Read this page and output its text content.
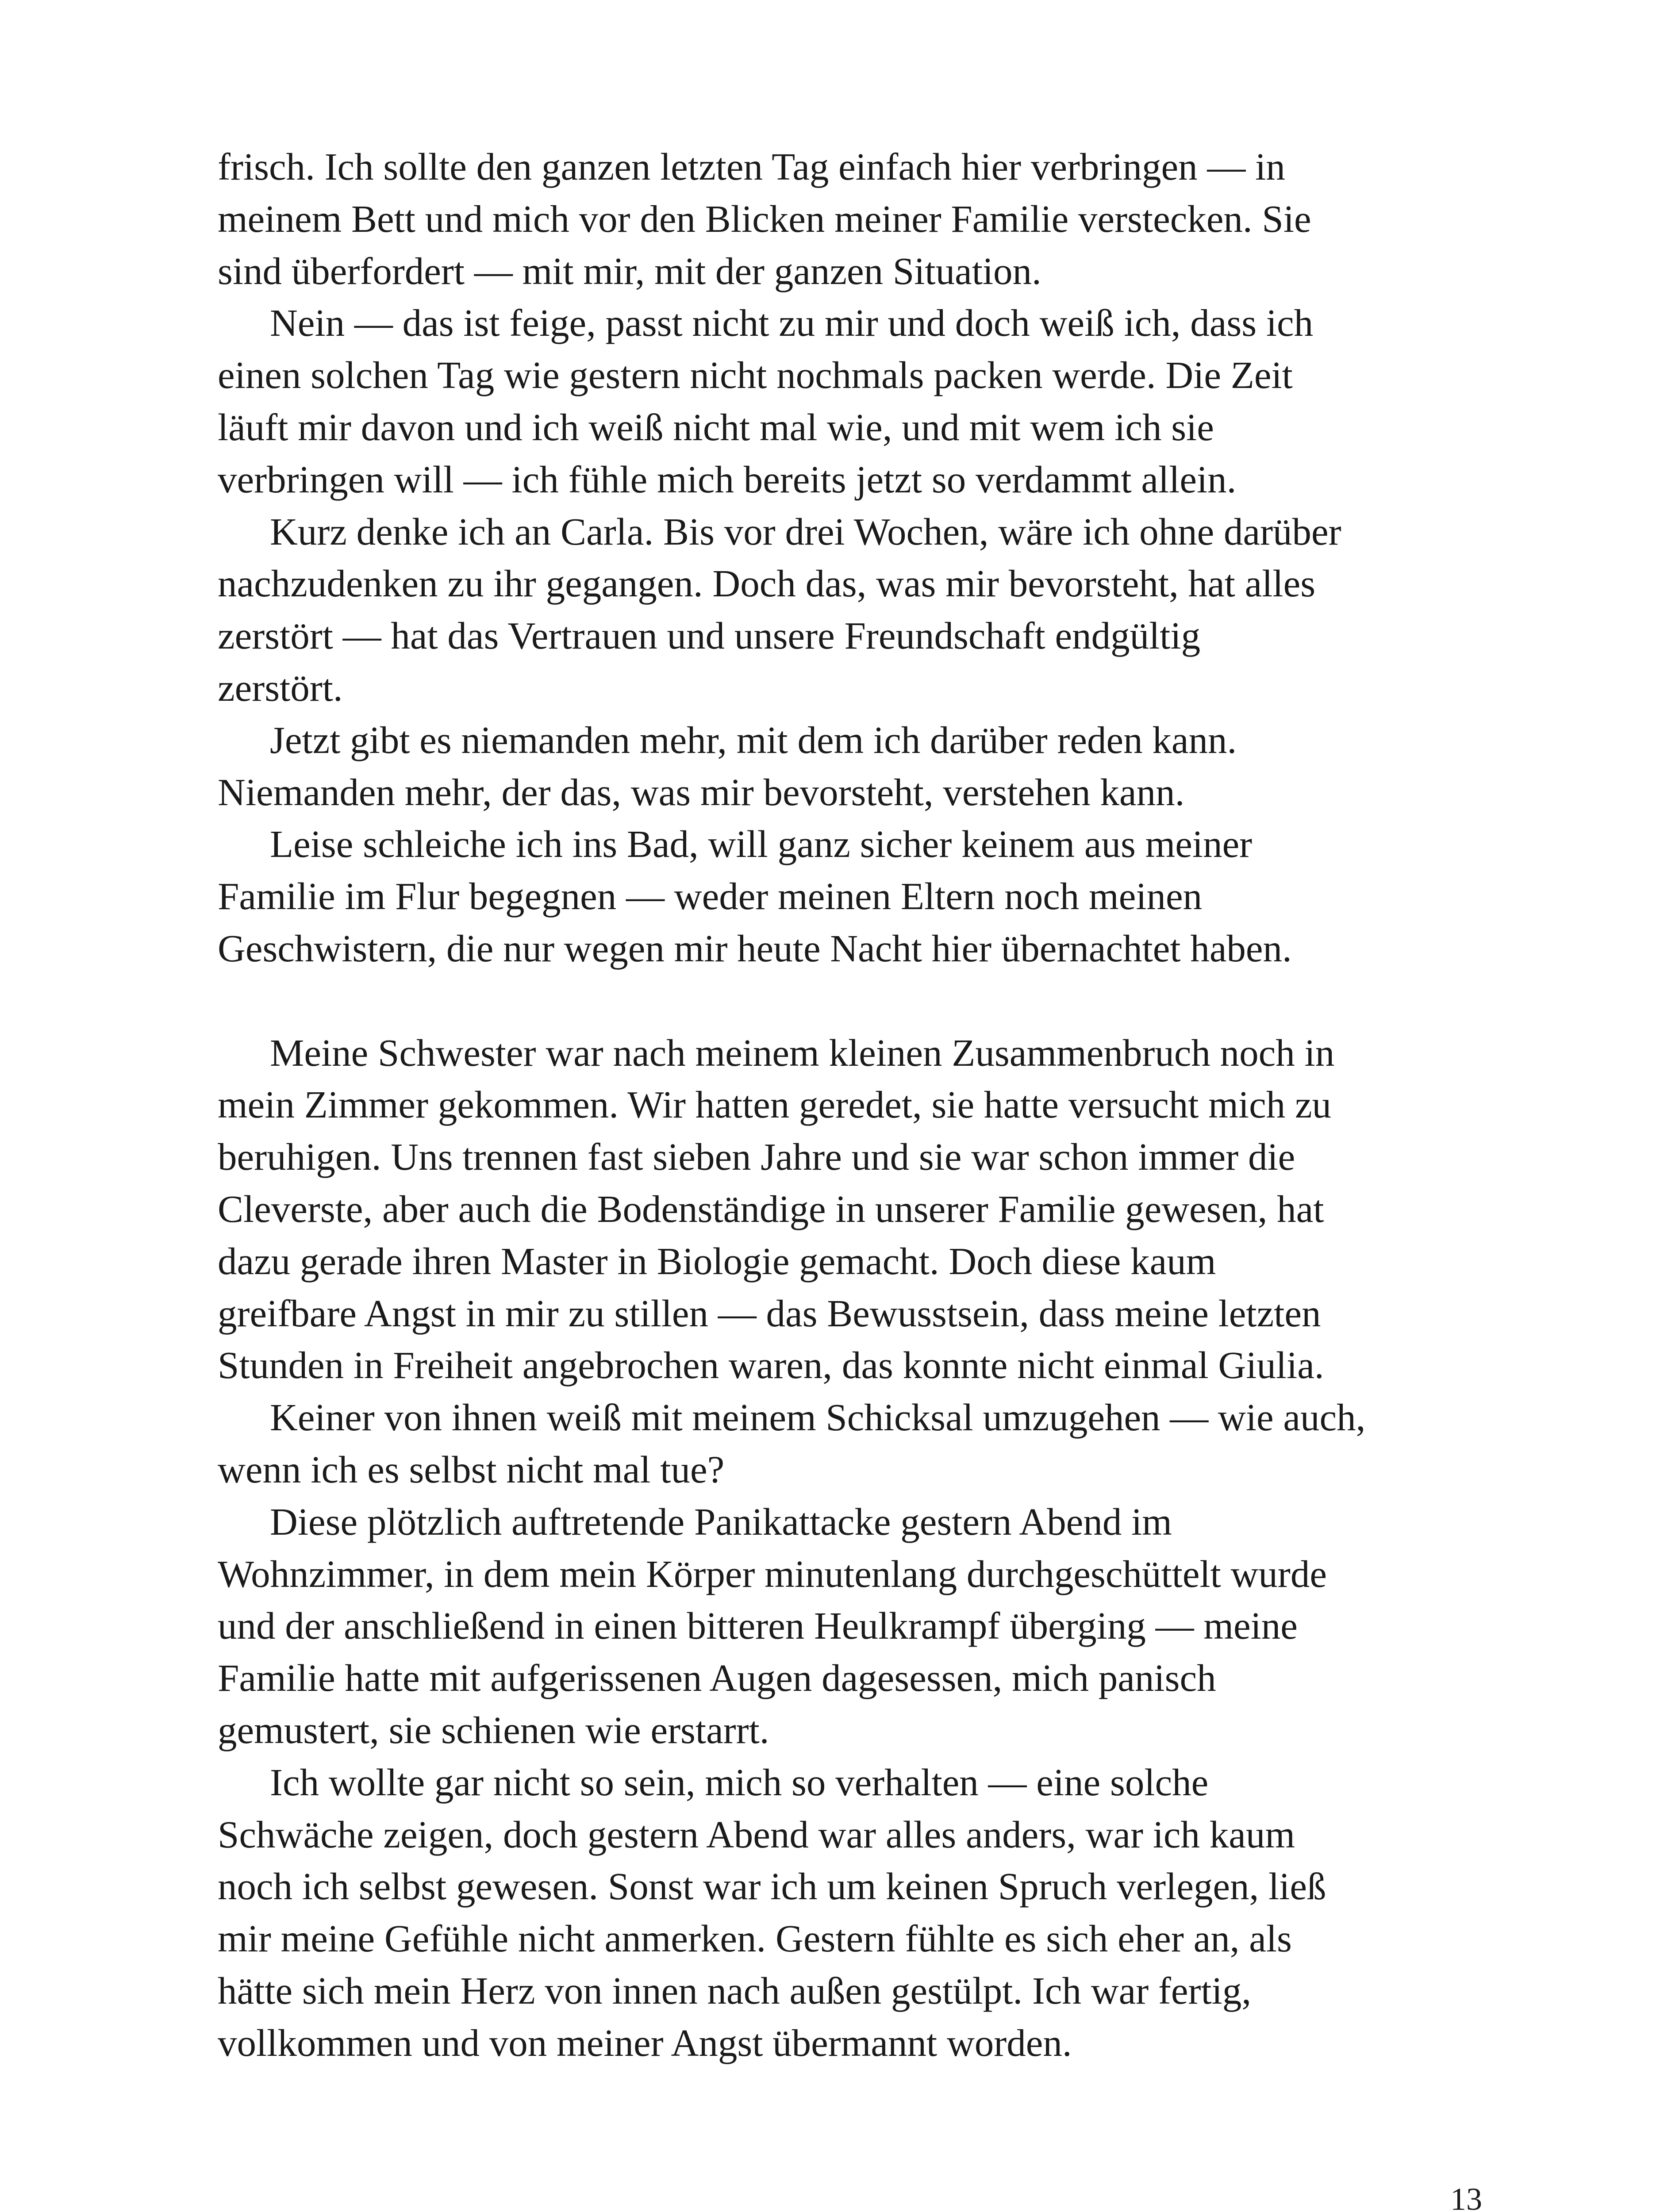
frisch. Ich sollte den ganzen letzten Tag einfach hier verbringen — in
meinem Bett und mich vor den Blicken meiner Familie verstecken. Sie
sind überfordert — mit mir, mit der ganzen Situation.

Nein — das ist feige, passt nicht zu mir und doch weiß ich, dass ich
einen solchen Tag wie gestern nicht nochmals packen werde. Die Zeit
läuft mir davon und ich weiß nicht mal wie, und mit wem ich sie
verbringen will — ich fühle mich bereits jetzt so verdammt allein.

Kurz denke ich an Carla. Bis vor drei Wochen, wäre ich ohne darüber
nachzudenken zu ihr gegangen. Doch das, was mir bevorsteht, hat alles
zerstört — hat das Vertrauen und unsere Freundschaft endgültig
zerstört.

Jetzt gibt es niemanden mehr, mit dem ich darüber reden kann.
Niemanden mehr, der das, was mir bevorsteht, verstehen kann.

Leise schleiche ich ins Bad, will ganz sicher keinem aus meiner
Familie im Flur begegnen — weder meinen Eltern noch meinen
Geschwistern, die nur wegen mir heute Nacht hier übernachtet haben.

Meine Schwester war nach meinem kleinen Zusammenbruch noch in
mein Zimmer gekommen. Wir hatten geredet, sie hatte versucht mich zu
beruhigen. Uns trennen fast sieben Jahre und sie war schon immer die
Cleverste, aber auch die Bodenständige in unserer Familie gewesen, hat
dazu gerade ihren Master in Biologie gemacht. Doch diese kaum
greifbare Angst in mir zu stillen — das Bewusstsein, dass meine letzten
Stunden in Freiheit angebrochen waren, das konnte nicht einmal Giulia.

Keiner von ihnen weiß mit meinem Schicksal umzugehen — wie auch,
wenn ich es selbst nicht mal tue?

Diese plötzlich auftretende Panikattacke gestern Abend im
Wohnzimmer, in dem mein Körper minutenlang durchgeschüttelt wurde
und der anschließend in einen bitteren Heulkrampf überging — meine
Familie hatte mit aufgerissenen Augen dagesessen, mich panisch
gemustert, sie schienen wie erstarrt.

Ich wollte gar nicht so sein, mich so verhalten — eine solche
Schwäche zeigen, doch gestern Abend war alles anders, war ich kaum
noch ich selbst gewesen. Sonst war ich um keinen Spruch verlegen, ließ
mir meine Gefühle nicht anmerken. Gestern fühlte es sich eher an, als
hätte sich mein Herz von innen nach außen gestülpt. Ich war fertig,
vollkommen und von meiner Angst übermannt worden.

13
